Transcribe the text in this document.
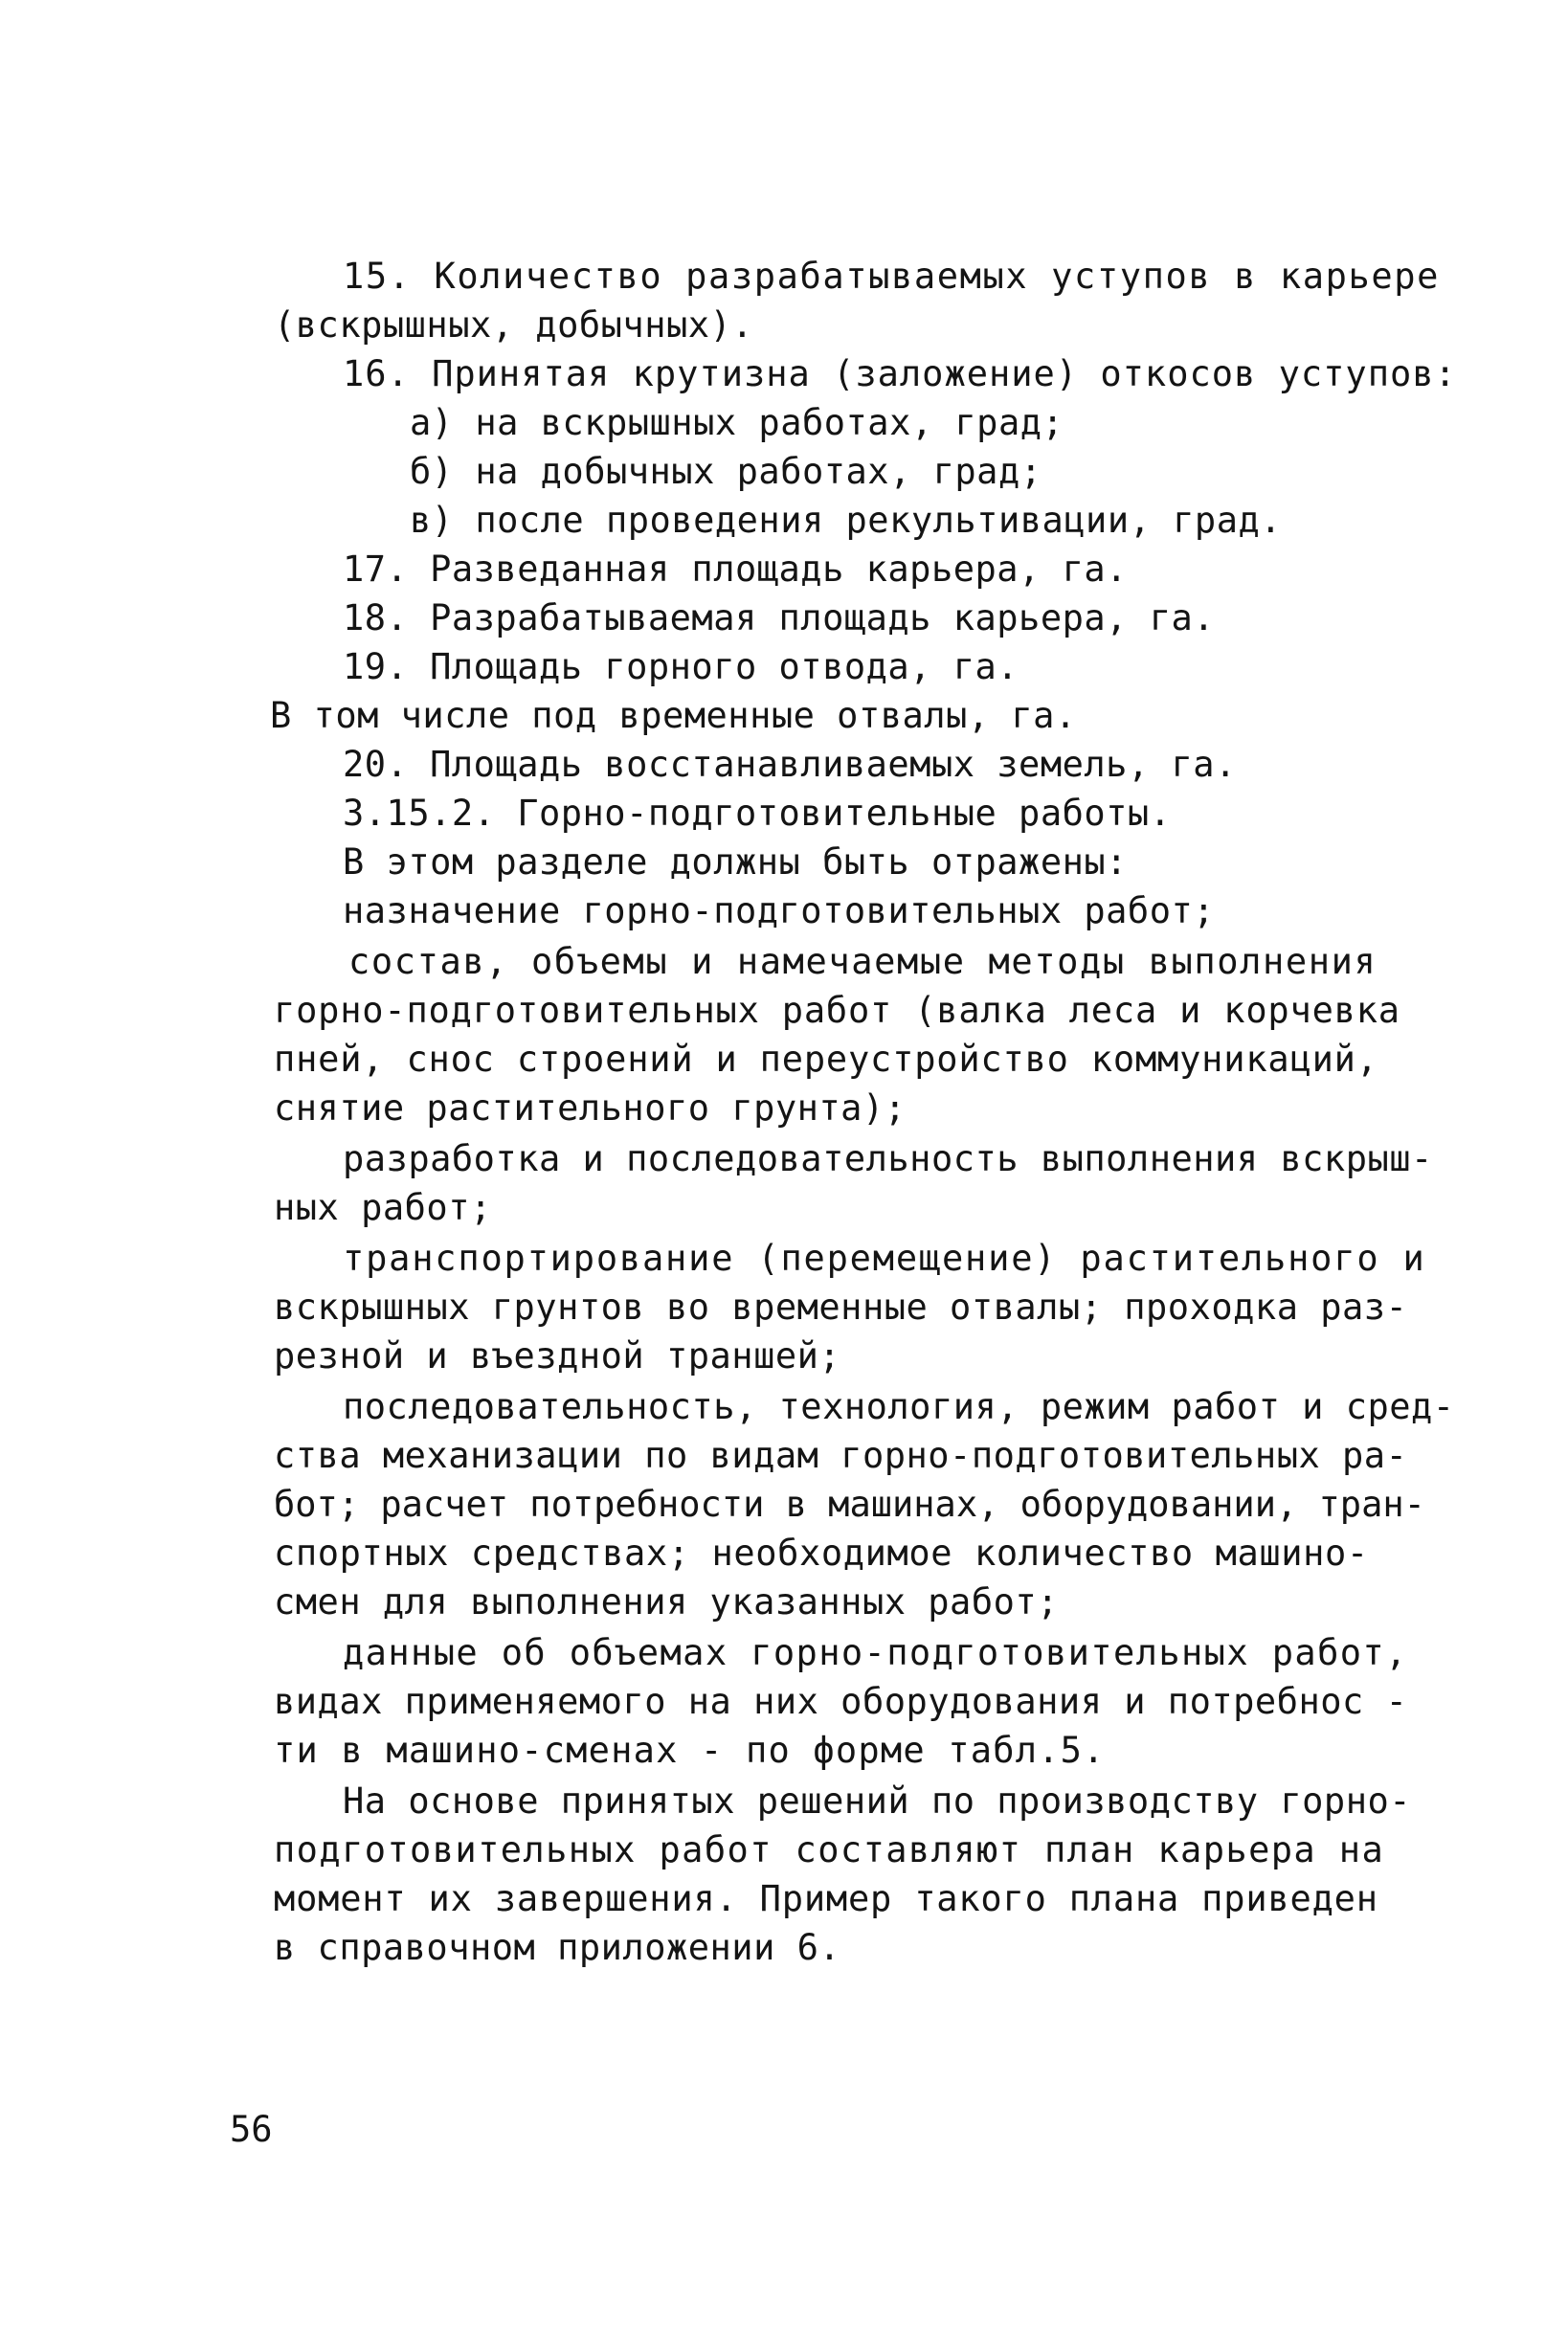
15. Количество разрабатываемых уступов в карьере
(вскрышных, добычных).
16. Принятая крутизна (заложение) откосов уступов:
а) на вскрышных работах, град;
б) на добычных работах, град;
в) после проведения рекультивации, град.
17. Разведанная площадь карьера, га.
18. Разрабатываемая площадь карьера, га.
19. Площадь горного отвода, га.
В том числе под временные отвалы, га.
20. Площадь восстанавливаемых земель, га.
3.15.2. Горно-подготовительные работы.
В этом разделе должны быть отражены:
назначение горно-подготовительных работ;
состав, объемы и намечаемые методы выполнения
горно-подготовительных работ (валка леса и корчевка
пней, снос строений и переустройство коммуникаций,
снятие растительного грунта);
разработка и последовательность выполнения вскрыш-
ных работ;
транспортирование (перемещение) растительного и
вскрышных грунтов во временные отвалы; проходка раз-
резной и въездной траншей;
последовательность, технология, режим работ и сред-
ства механизации по видам горно-подготовительных ра-
бот; расчет потребности в машинах, оборудовании, тран-
спортных средствах; необходимое количество машино-
смен для выполнения указанных работ;
данные об объемах горно-подготовительных работ,
видах применяемого на них оборудования и потребнос -
ти в машино-сменах - по форме табл.5.
На основе принятых решений по производству горно-
подготовительных работ составляют план карьера на
момент их завершения. Пример такого плана приведен
в справочном приложении 6.
56
